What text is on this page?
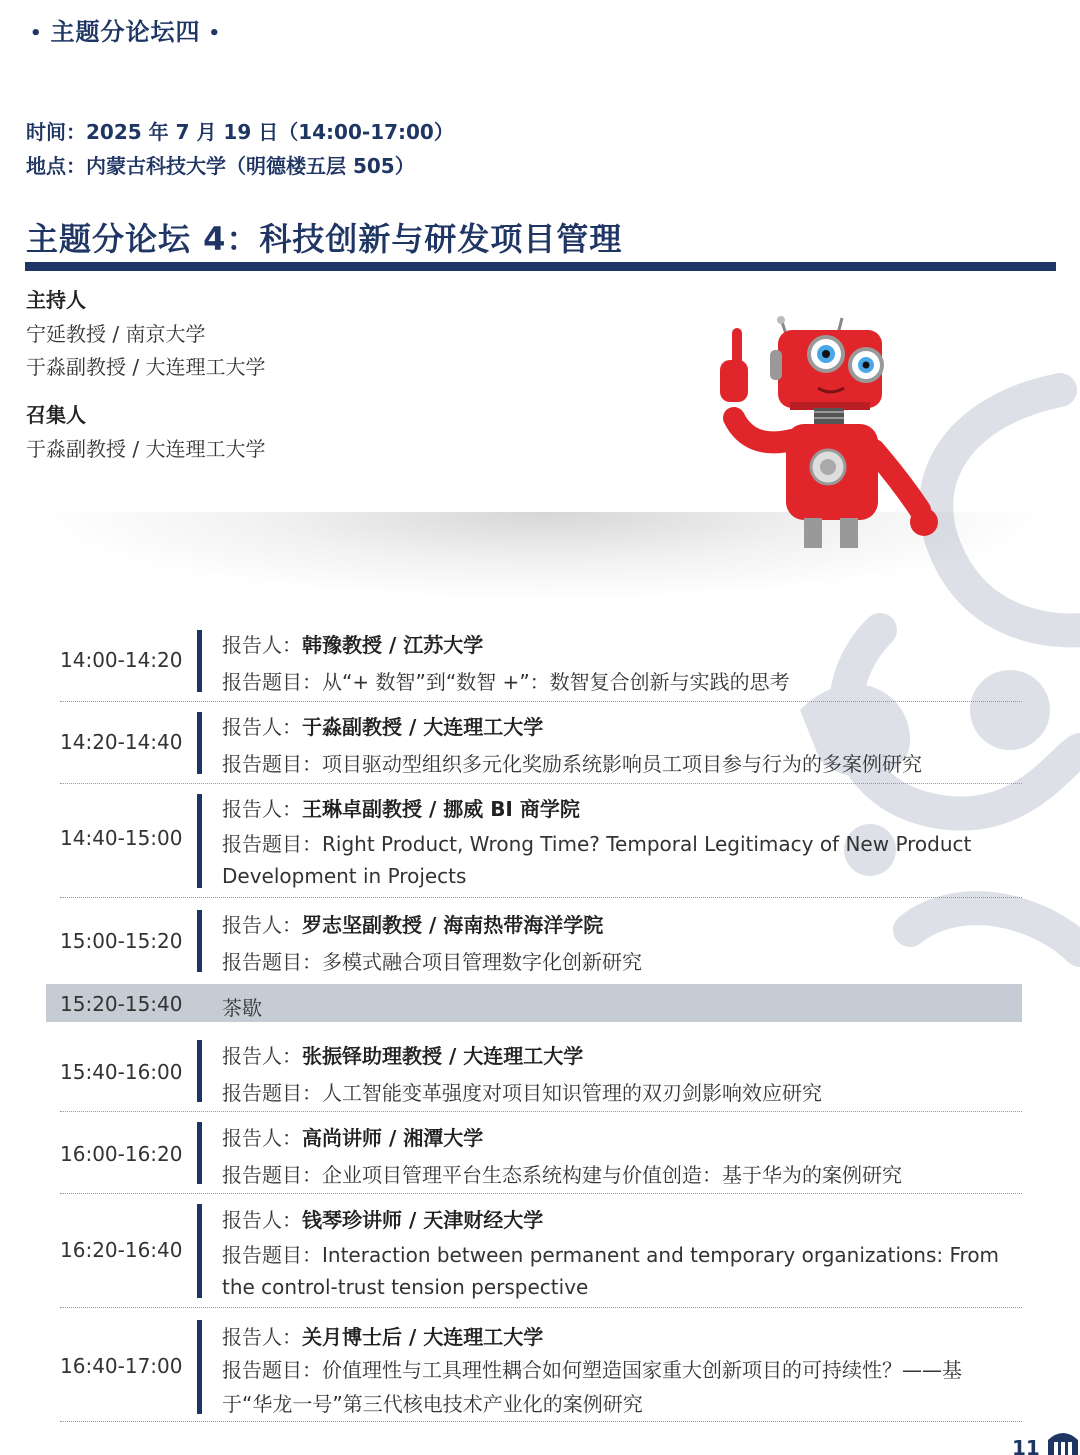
• 主题分论坛四 •
时间：2025 年 7 月 19 日（14:00-17:00）
地点：内蒙古科技大学（明德楼五层 505）
主题分论坛 4：科技创新与研发项目管理
主持人
宁延教授 / 南京大学
于淼副教授 / 大连理工大学
召集人
于淼副教授 / 大连理工大学
14:00-14:20
报告人：韩豫教授 / 江苏大学
报告题目：从“+ 数智”到“数智 +”：数智复合创新与实践的思考
14:20-14:40
报告人：于淼副教授 / 大连理工大学
报告题目：项目驱动型组织多元化奖励系统影响员工项目参与行为的多案例研究
14:40-15:00
报告人：王琳卓副教授 / 挪威 BI 商学院
报告题目：Right Product, Wrong Time? Temporal Legitimacy of New Product
Development in Projects
15:00-15:20
报告人：罗志坚副教授 / 海南热带海洋学院
报告题目：多模式融合项目管理数字化创新研究
15:20-15:40 茶歇
15:40-16:00
报告人：张振铎助理教授 / 大连理工大学
报告题目：人工智能变革强度对项目知识管理的双刃剑影响效应研究
16:00-16:20
报告人：高尚讲师 / 湘潭大学
报告题目：企业项目管理平台生态系统构建与价值创造：基于华为的案例研究
16:20-16:40
报告人：钱琴珍讲师 / 天津财经大学
报告题目：Interaction between permanent and temporary organizations: From
the control-trust tension perspective
16:40-17:00
报告人：关月博士后 / 大连理工大学
报告题目：价值理性与工具理性耦合如何塑造国家重大创新项目的可持续性？——基
于“华龙一号”第三代核电技术产业化的案例研究
11
